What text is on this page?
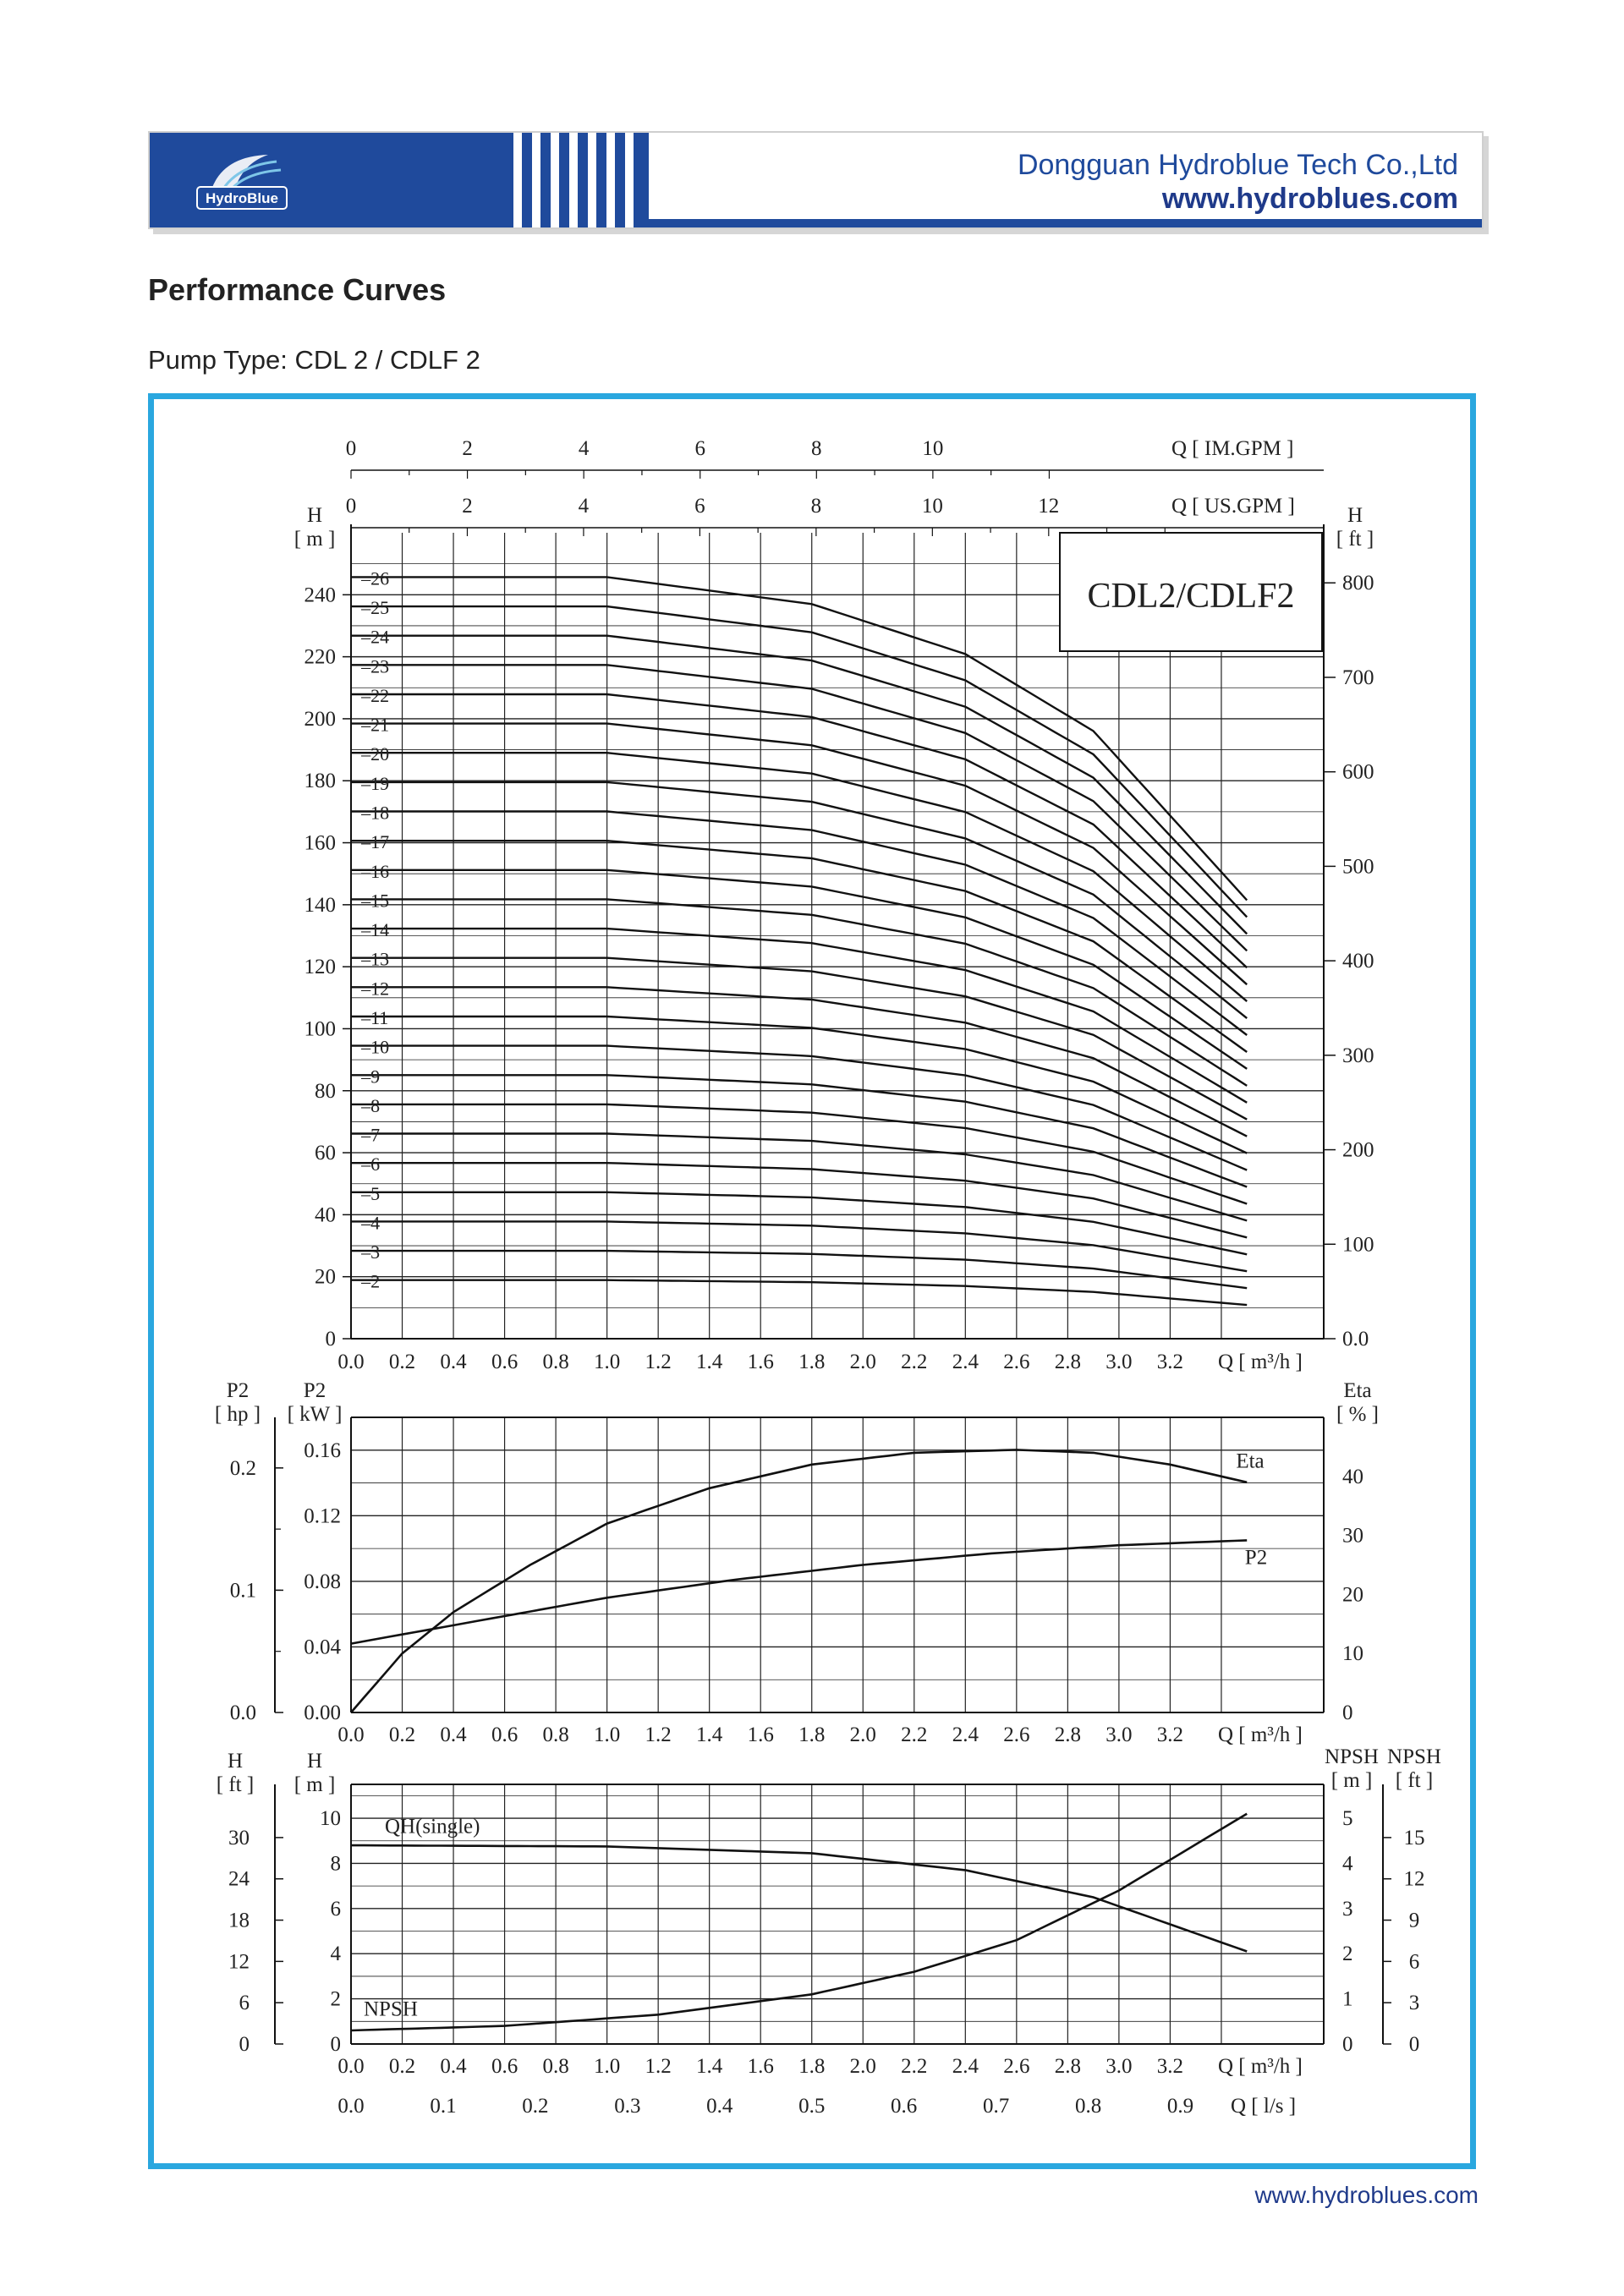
HydroBlue
Dongguan Hydroblue Tech Co.,Ltd
www.hydroblues.com
Performance Curves
Pump Type: CDL 2 / CDLF 2
0
20
40
60
80
100
120
140
160
180
200
220
240
0.0
100
200
300
400
500
600
700
800
0.0 0.2 0.4 0.6 0.8 1.0 1.2 1.4 1.6 1.8 2.0 2.2 2.4 2.6 2.8 3.0 3.2 Q [ m³/h ]
H
[ m ]
H
[ ft ]
0	2	4	6	8	10	Q [ IM.GPM ]
0	2	4	6	8	10	12	Q [ US.GPM ]
–2
–3
–4
–5
–6
–7
–8
–9
–10
–11
–12
–13
–14
–15
–16
–17
–18
–19
–20
–21
–22
–23
–24
–25
–26	CDL2/CDLF2
0.00
0.04
0.08
0.12
0.16
0.0
0.1
0.2
0
10
20
30
40
0.0 0.2 0.4 0.6 0.8 1.0 1.2 1.4 1.6 1.8 2.0 2.2 2.4 2.6 2.8 3.0 3.2 Q [ m³/h ]
P2
[ hp ]
P2
[ kW ]
Eta
[ % ]
Eta
P2
0
2
4
6
8
10
0
6
12
18
24
30
0
1
2
3
4
5
0
3
6
9
12
15
0.0 0.2 0.4 0.6 0.8 1.0 1.2 1.4 1.6 1.8 2.0 2.2 2.4 2.6 2.8 3.0 3.2 Q [ m³/h ]
H
[ ft ]
H
[ m ]
NPSH
[ m ]
NPSH
[ ft ]
QH(single)
NPSH
0.0	0.1	0.2	0.3	0.4	0.5	0.6	0.7	0.8	0.9 Q [ l/s ]
www.hydroblues.com
